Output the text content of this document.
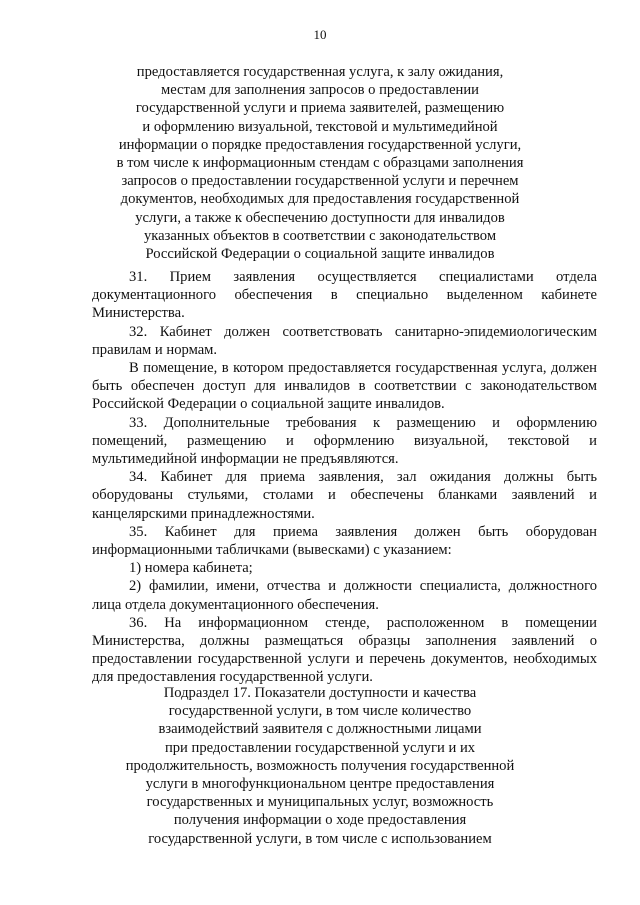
10
предоставляется государственная услуга, к залу ожидания,
местам для заполнения запросов о предоставлении
государственной услуги и приема заявителей, размещению
и оформлению визуальной, текстовой и мультимедийной
информации о порядке предоставления государственной услуги,
в том числе к информационным стендам с образцами заполнения
запросов о предоставлении государственной услуги и перечнем
документов, необходимых для предоставления государственной
услуги, а также к обеспечению доступности для инвалидов
указанных объектов в соответствии с законодательством
Российской Федерации о социальной защите инвалидов

31. Прием заявления осуществляется специалистами отдела документационного обеспечения в специально выделенном кабинете Министерства.

32. Кабинет должен соответствовать санитарно-эпидемиологическим правилам и нормам.

В помещение, в котором предоставляется государственная услуга, должен быть обеспечен доступ для инвалидов в соответствии с законодательством Российской Федерации о социальной защите инвалидов.

33. Дополнительные требования к размещению и оформлению помещений, размещению и оформлению визуальной, текстовой и мультимедийной информации не предъявляются.

34. Кабинет для приема заявления, зал ожидания должны быть оборудованы стульями, столами и обеспечены бланками заявлений и канцелярскими принадлежностями.

35. Кабинет для приема заявления должен быть оборудован информационными табличками (вывесками) с указанием:

1) номера кабинета;

2) фамилии, имени, отчества и должности специалиста, должностного лица отдела документационного обеспечения.

36. На информационном стенде, расположенном в помещении Министерства, должны размещаться образцы заполнения заявлений о предоставлении государственной услуги и перечень документов, необходимых для предоставления государственной услуги.

Подраздел 17. Показатели доступности и качества
государственной услуги, в том числе количество
взаимодействий заявителя с должностными лицами
при предоставлении государственной услуги и их
продолжительность, возможность получения государственной
услуги в многофункциональном центре предоставления
государственных и муниципальных услуг, возможность
получения информации о ходе предоставления
государственной услуги, в том числе с использованием
